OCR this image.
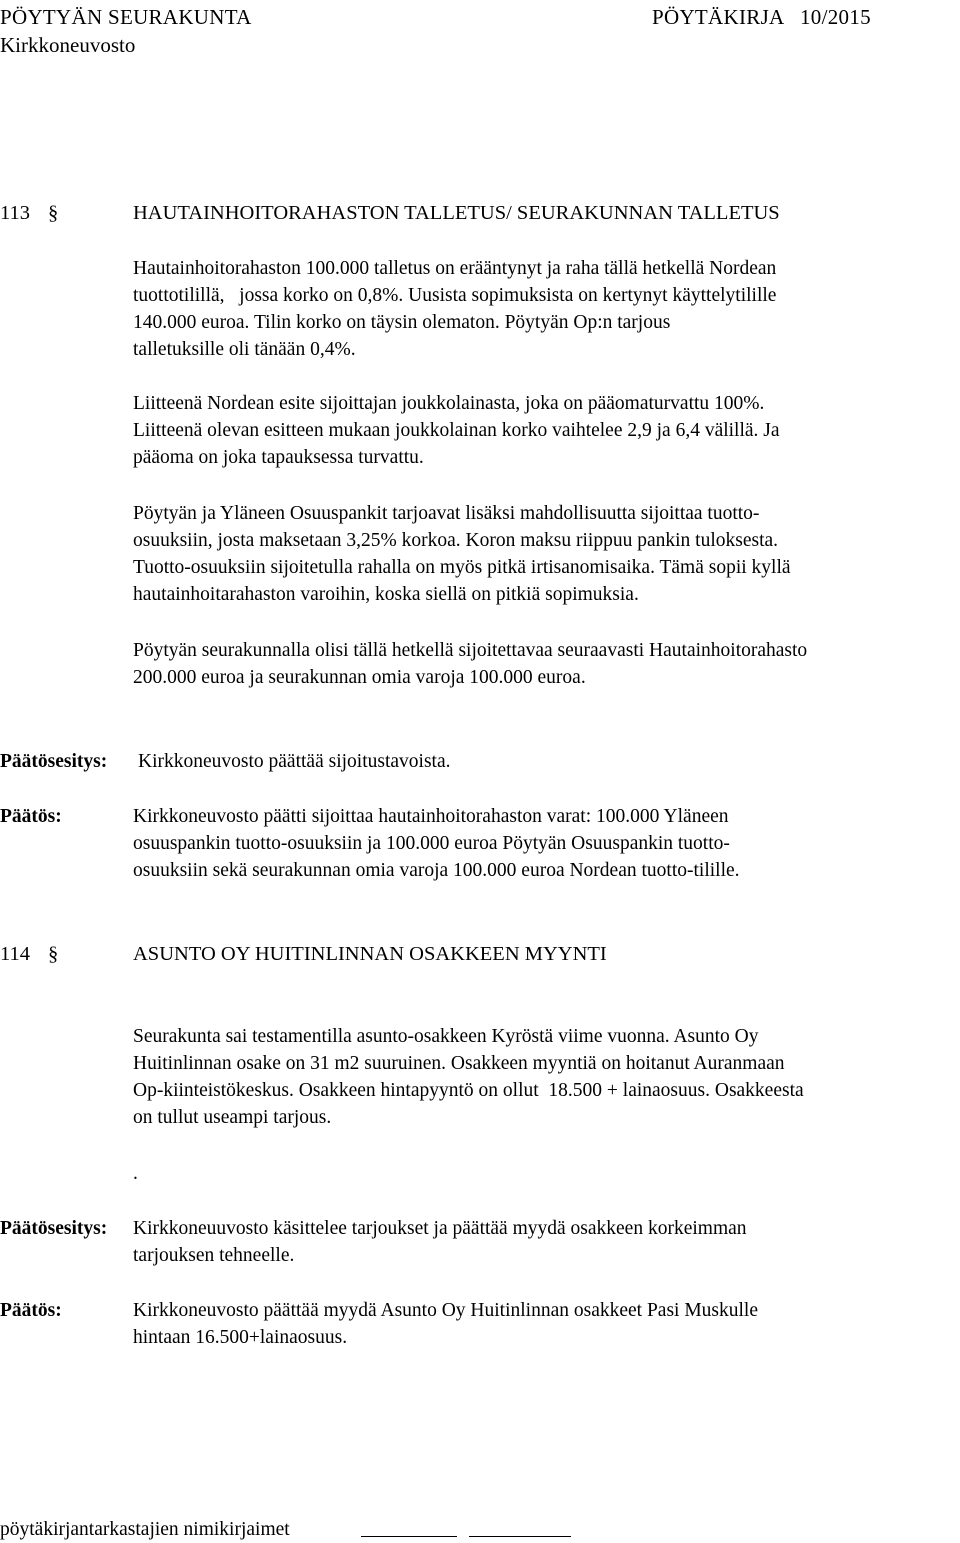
PÖYTYÄN SEURAKUNTA	PÖYTÄKIRJA   10/2015
Kirkkoneuvosto
113 §	HAUTAINHOITORAHASTON TALLETUS/ SEURAKUNNAN TALLETUS
Hautainhoitorahaston 100.000 talletus on erääntynyt ja raha tällä hetkellä Nordean
tuottotilillä,   jossa korko on 0,8%. Uusista sopimuksista on kertynyt käyttelytilille
140.000 euroa. Tilin korko on täysin olematon. Pöytyän Op:n tarjous
talletuksille oli tänään 0,4%.
Liitteenä Nordean esite sijoittajan joukkolainasta, joka on pääomaturvattu 100%.
Liitteenä olevan esitteen mukaan joukkolainan korko vaihtelee 2,9 ja 6,4 välillä. Ja
pääoma on joka tapauksessa turvattu.
Pöytyän ja Yläneen Osuuspankit tarjoavat lisäksi mahdollisuutta sijoittaa tuotto-
osuuksiin, josta maksetaan 3,25% korkoa. Koron maksu riippuu pankin tuloksesta.
Tuotto-osuuksiin sijoitetulla rahalla on myös pitkä irtisanomisaika. Tämä sopii kyllä
hautainhoitarahaston varoihin, koska siellä on pitkiä sopimuksia.
Pöytyän seurakunnalla olisi tällä hetkellä sijoitettavaa seuraavasti Hautainhoitorahasto
200.000 euroa ja seurakunnan omia varoja 100.000 euroa.
Päätösesitys: Kirkkoneuvosto päättää sijoitustavoista.
Päätös:	Kirkkoneuvosto päätti sijoittaa hautainhoitorahaston varat: 100.000 Yläneen
osuuspankin tuotto-osuuksiin ja 100.000 euroa Pöytyän Osuuspankin tuotto-
osuuksiin sekä seurakunnan omia varoja 100.000 euroa Nordean tuotto-tilille.
114 §	ASUNTO OY HUITINLINNAN OSAKKEEN MYYNTI
Seurakunta sai testamentilla asunto-osakkeen Kyröstä viime vuonna. Asunto Oy
Huitinlinnan osake on 31 m2 suuruinen. Osakkeen myyntiä on hoitanut Auranmaan
Op-kiinteistökeskus. Osakkeen hintapyyntö on ollut  18.500 + lainaosuus. Osakkeesta
on tullut useampi tarjous.
.
Päätösesitys: Kirkkoneuuvosto käsittelee tarjoukset ja päättää myydä osakkeen korkeimman
tarjouksen tehneelle.
Päätös:	Kirkkoneuvosto päättää myydä Asunto Oy Huitinlinnan osakkeet Pasi Muskulle
hintaan 16.500+lainaosuus.
pöytäkirjantarkastajien nimikirjaimet
